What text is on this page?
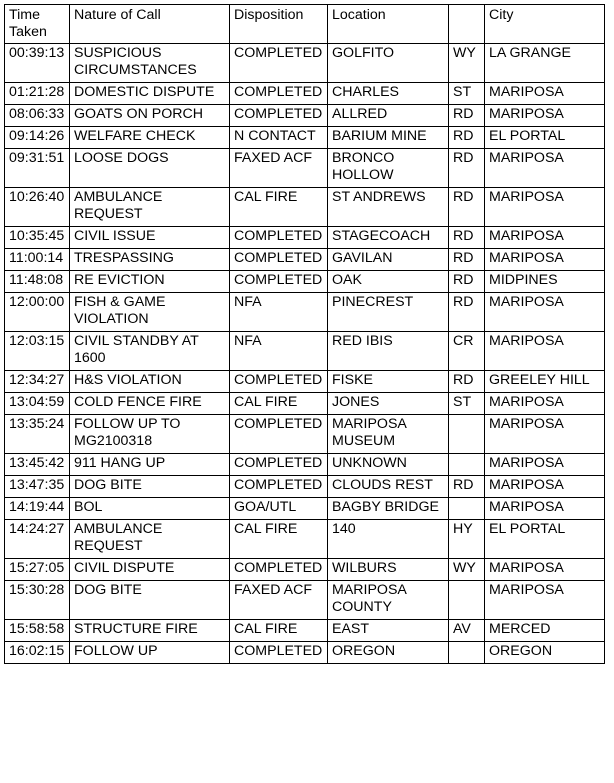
Time Taken	Nature of Call	Disposition	Location		City
00:39:13	SUSPICIOUS CIRCUMSTANCES	COMPLETED	GOLFITO	WY	LA GRANGE
01:21:28	DOMESTIC DISPUTE	COMPLETED	CHARLES	ST	MARIPOSA
08:06:33	GOATS ON PORCH	COMPLETED	ALLRED	RD	MARIPOSA
09:14:26	WELFARE CHECK	N CONTACT	BARIUM MINE	RD	EL PORTAL
09:31:51	LOOSE DOGS	FAXED ACF	BRONCO HOLLOW	RD	MARIPOSA
10:26:40	AMBULANCE REQUEST	CAL FIRE	ST ANDREWS	RD	MARIPOSA
10:35:45	CIVIL ISSUE	COMPLETED	STAGECOACH	RD	MARIPOSA
11:00:14	TRESPASSING	COMPLETED	GAVILAN	RD	MARIPOSA
11:48:08	RE EVICTION	COMPLETED	OAK	RD	MIDPINES
12:00:00	FISH & GAME VIOLATION	NFA	PINECREST	RD	MARIPOSA
12:03:15	CIVIL STANDBY AT 1600	NFA	RED IBIS	CR	MARIPOSA
12:34:27	H&S VIOLATION	COMPLETED	FISKE	RD	GREELEY HILL
13:04:59	COLD FENCE FIRE	CAL FIRE	JONES	ST	MARIPOSA
13:35:24	FOLLOW UP TO MG2100318	COMPLETED	MARIPOSA MUSEUM		MARIPOSA
13:45:42	911 HANG UP	COMPLETED	UNKNOWN		MARIPOSA
13:47:35	DOG BITE	COMPLETED	CLOUDS REST	RD	MARIPOSA
14:19:44	BOL	GOA/UTL	BAGBY BRIDGE		MARIPOSA
14:24:27	AMBULANCE REQUEST	CAL FIRE	140	HY	EL PORTAL
15:27:05	CIVIL DISPUTE	COMPLETED	WILBURS	WY	MARIPOSA
15:30:28	DOG BITE	FAXED ACF	MARIPOSA COUNTY		MARIPOSA
15:58:58	STRUCTURE FIRE	CAL FIRE	EAST	AV	MERCED
16:02:15	FOLLOW UP	COMPLETED	OREGON		OREGON
